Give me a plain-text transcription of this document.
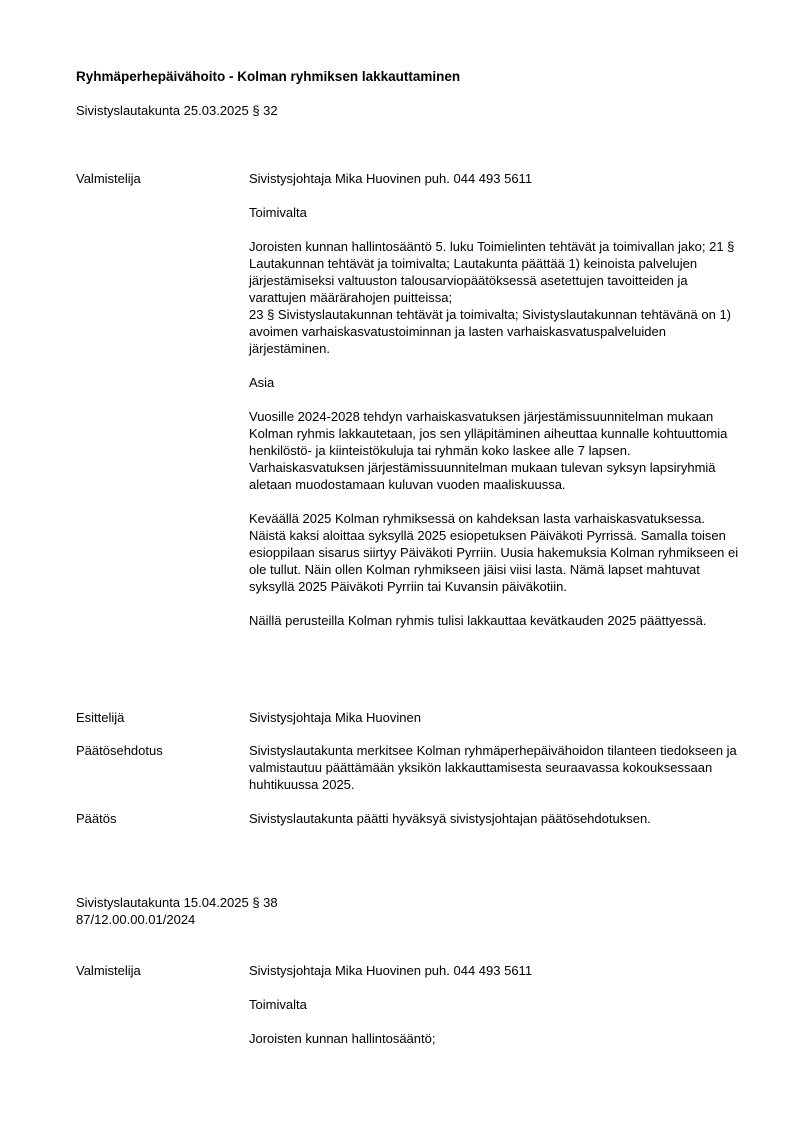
Ryhmäperhepäivähoito - Kolman ryhmiksen lakkauttaminen
Sivistyslautakunta 25.03.2025 § 32
Valmistelija	Sivistysjohtaja Mika Huovinen puh. 044 493 5611

Toimivalta

Joroisten kunnan hallintosääntö 5. luku Toimielinten tehtävät ja toimivallan jako; 21 § Lautakunnan tehtävät ja toimivalta; Lautakunta päättää 1) keinoista palvelujen järjestämiseksi valtuuston talousarviopäätöksessä asetettujen tavoitteiden ja varattujen määrärahojen puitteissa;
23 § Sivistyslautakunnan tehtävät ja toimivalta; Sivistyslautakunnan tehtävänä on 1) avoimen varhaiskasvatustoiminnan ja lasten varhaiskasvatuspalveluiden järjestäminen.

Asia

Vuosille 2024-2028 tehdyn varhaiskasvatuksen järjestämissuunnitelman mukaan Kolman ryhmis lakkautetaan, jos sen ylläpitäminen aiheuttaa kunnalle kohtuuttomia henkilöstö- ja kiinteistökuluja tai ryhmän koko laskee alle 7 lapsen. Varhaiskasvatuksen järjestämissuunnitelman mukaan tulevan syksyn lapsiryhmiä aletaan muodostamaan kuluvan vuoden maaliskuussa.

Keväällä 2025 Kolman ryhmiksessä on kahdeksan lasta varhaiskasvatuksessa. Näistä kaksi aloittaa syksyllä 2025 esiopetuksen Päiväkoti Pyrrissä. Samalla toisen esioppilaan sisarus siirtyy Päiväkoti Pyrriin. Uusia hakemuksia Kolman ryhmikseen ei ole tullut. Näin ollen Kolman ryhmikseen jäisi viisi lasta. Nämä lapset mahtuvat syksyllä 2025 Päiväkoti Pyrriin tai Kuvansin päiväkotiin.

Näillä perusteilla Kolman ryhmis tulisi lakkauttaa kevätkauden 2025 päättyessä.

Esittelijä	Sivistysjohtaja Mika Huovinen
Päätösehdotus	Sivistyslautakunta merkitsee Kolman ryhmäperhepäivähoidon tilanteen tiedokseen ja valmistautuu päättämään yksikön lakkauttamisesta seuraavassa kokouksessaan huhtikuussa 2025.
Päätös	Sivistyslautakunta päätti hyväksyä sivistysjohtajan päätösehdotuksen.
Sivistyslautakunta 15.04.2025 § 38
87/12.00.00.01/2024
Valmistelija	Sivistysjohtaja Mika Huovinen puh. 044 493 5611

Toimivalta

Joroisten kunnan hallintosääntö;
